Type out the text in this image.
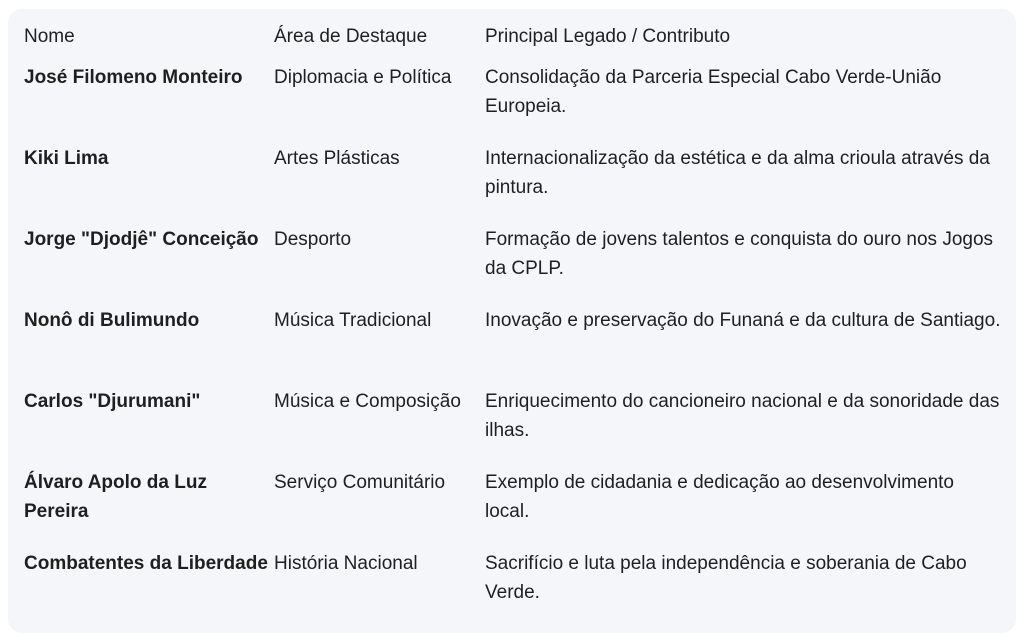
Nome	Área de Destaque	Principal Legado / Contributo
José Filomeno Monteiro	Diplomacia e Política	Consolidação da Parceria Especial Cabo Verde-União Europeia.
Kiki Lima	Artes Plásticas	Internacionalização da estética e da alma crioula através da pintura.
Jorge "Djodjê" Conceição	Desporto	Formação de jovens talentos e conquista do ouro nos Jogos da CPLP.
Nonô di Bulimundo	Música Tradicional	Inovação e preservação do Funaná e da cultura de Santiago.
Carlos "Djurumani"	Música e Composição	Enriquecimento do cancioneiro nacional e da sonoridade das ilhas.
Álvaro Apolo da Luz Pereira	Serviço Comunitário	Exemplo de cidadania e dedicação ao desenvolvimento local.
Combatentes da Liberdade	História Nacional	Sacrifício e luta pela independência e soberania de Cabo Verde.
